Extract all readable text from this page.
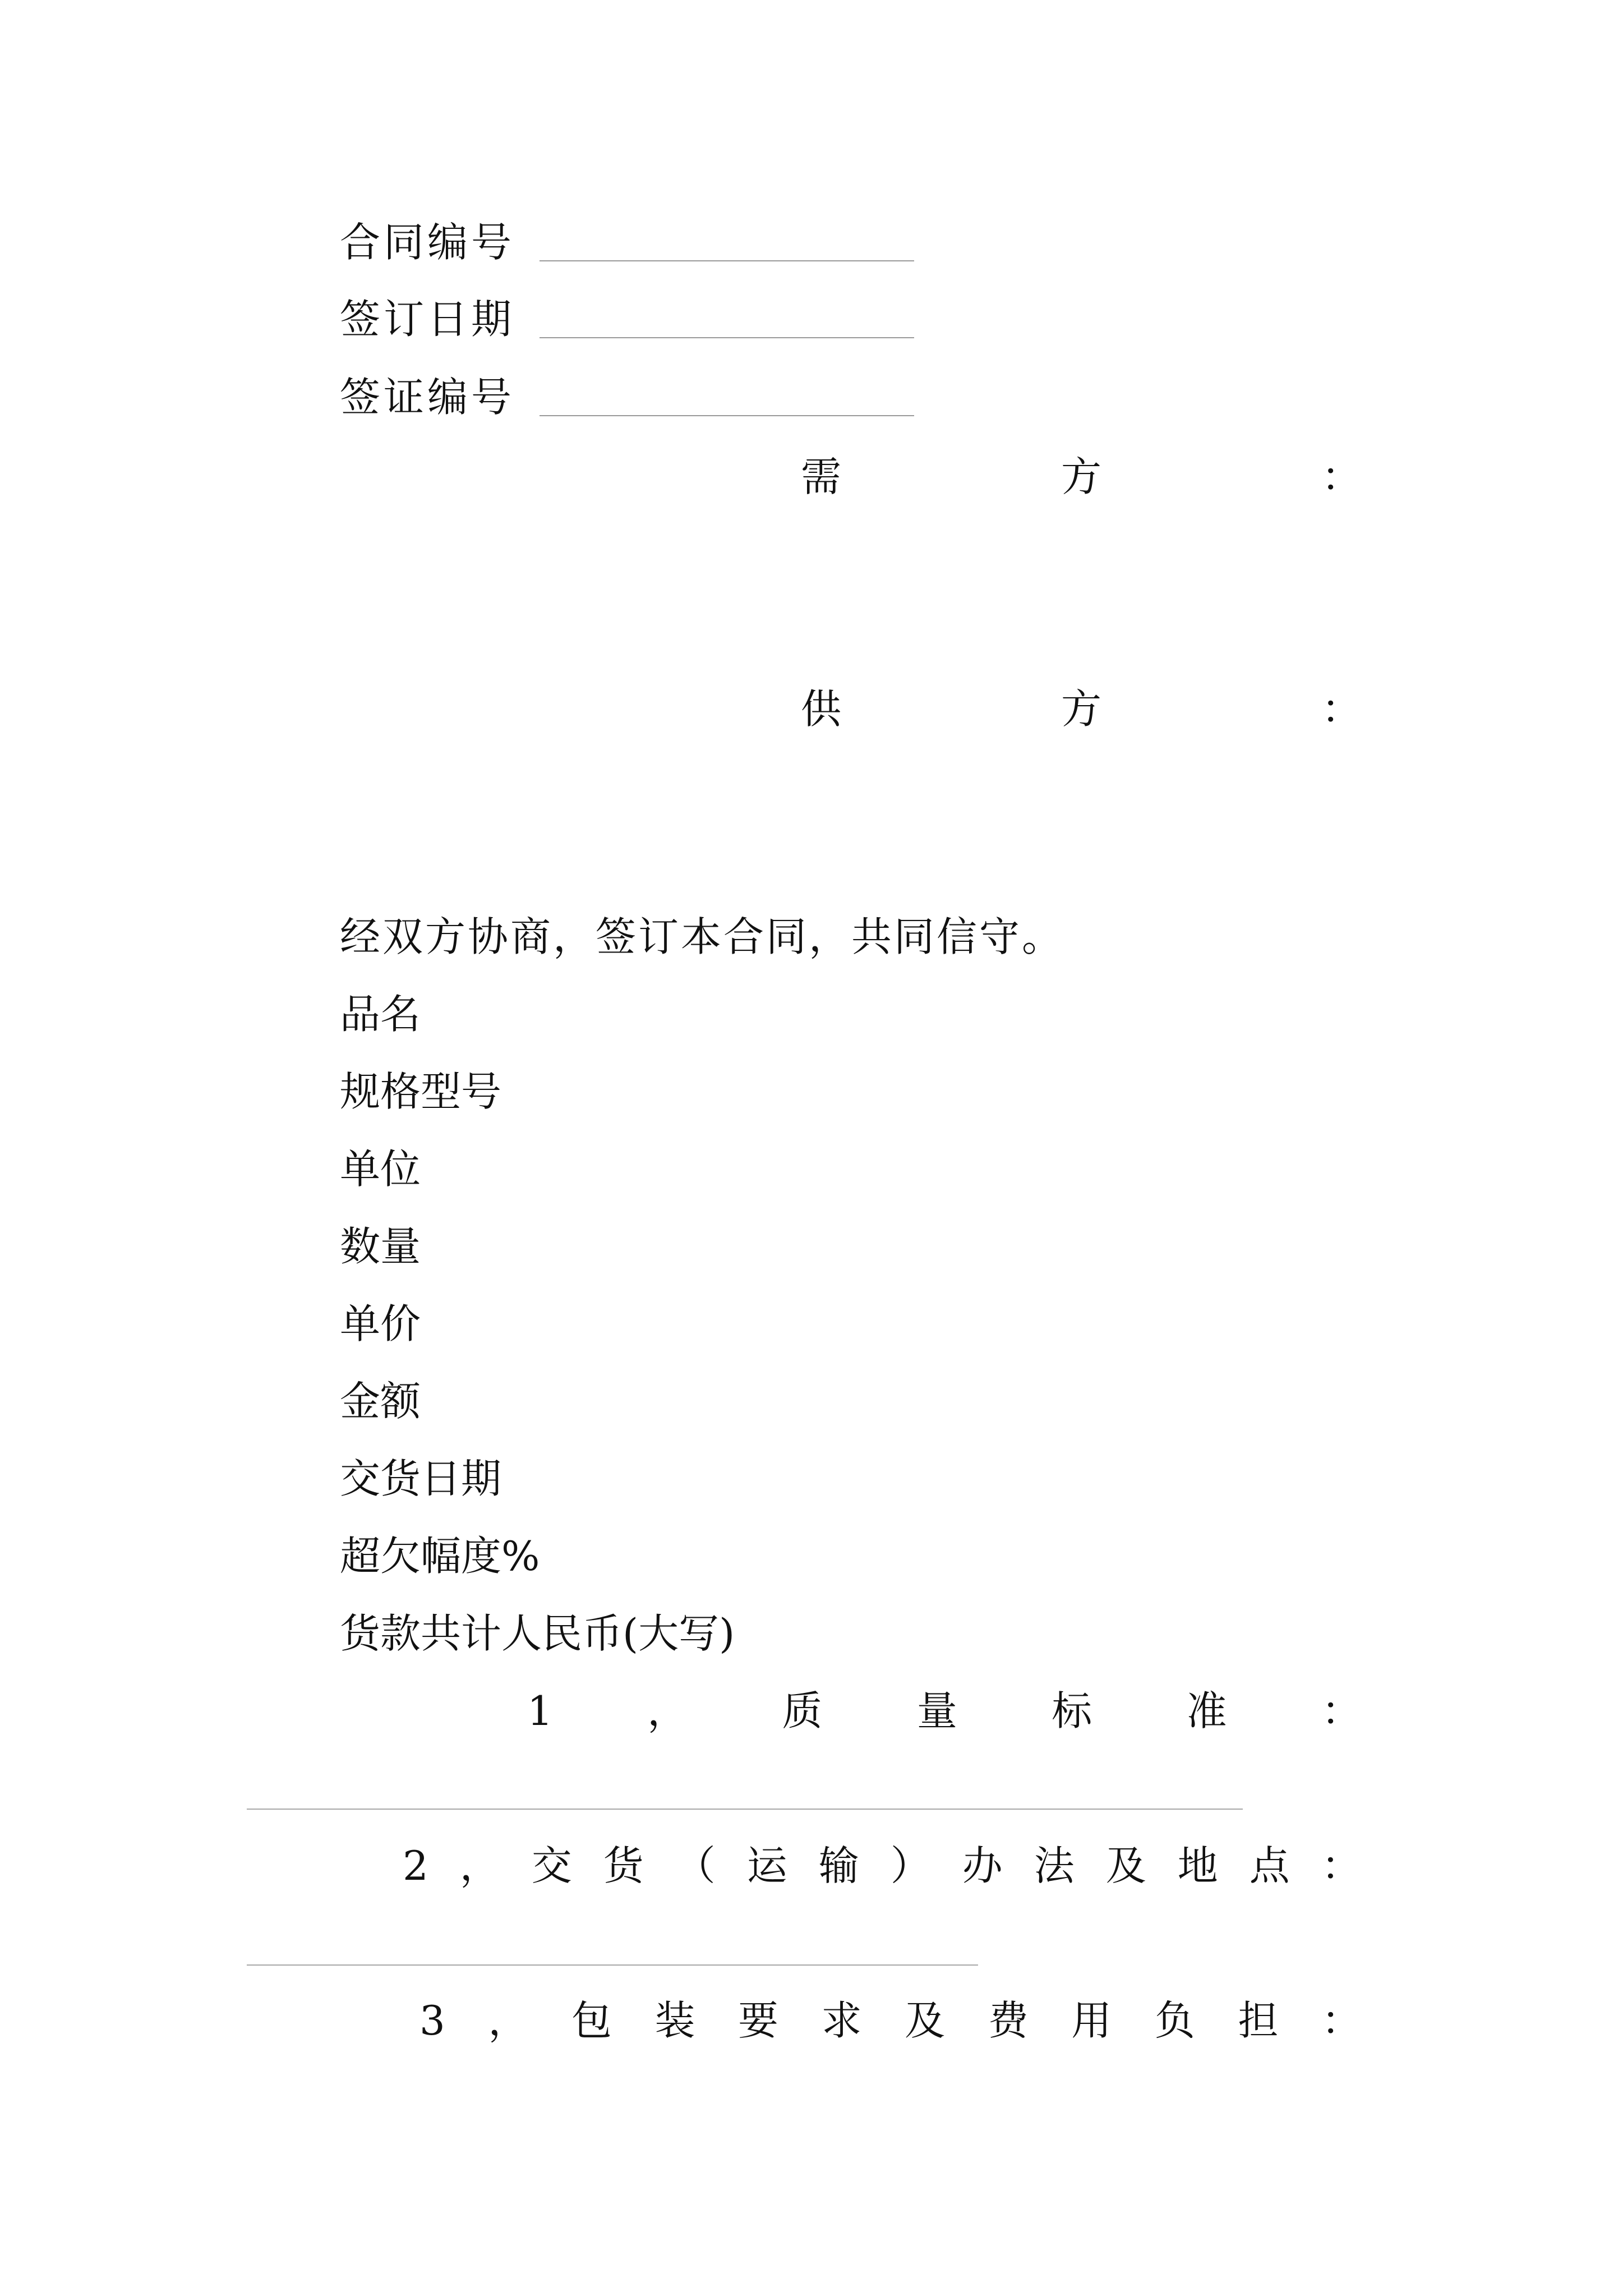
合同编号
签订日期
签证编号
需	方	：
供	方	：
经双方协商，签订本合同，共同信守。
品名
规格型号
单位
数量
单价
金额
交货日期
超欠幅度%
货款共计人民币(大写)
1 ， 质 量 标 准 ：
2 ， 交 货 （ 运 输 ） 办 法 及 地 点 ：
3 ， 包 装 要 求 及 费 用 负 担 ：
